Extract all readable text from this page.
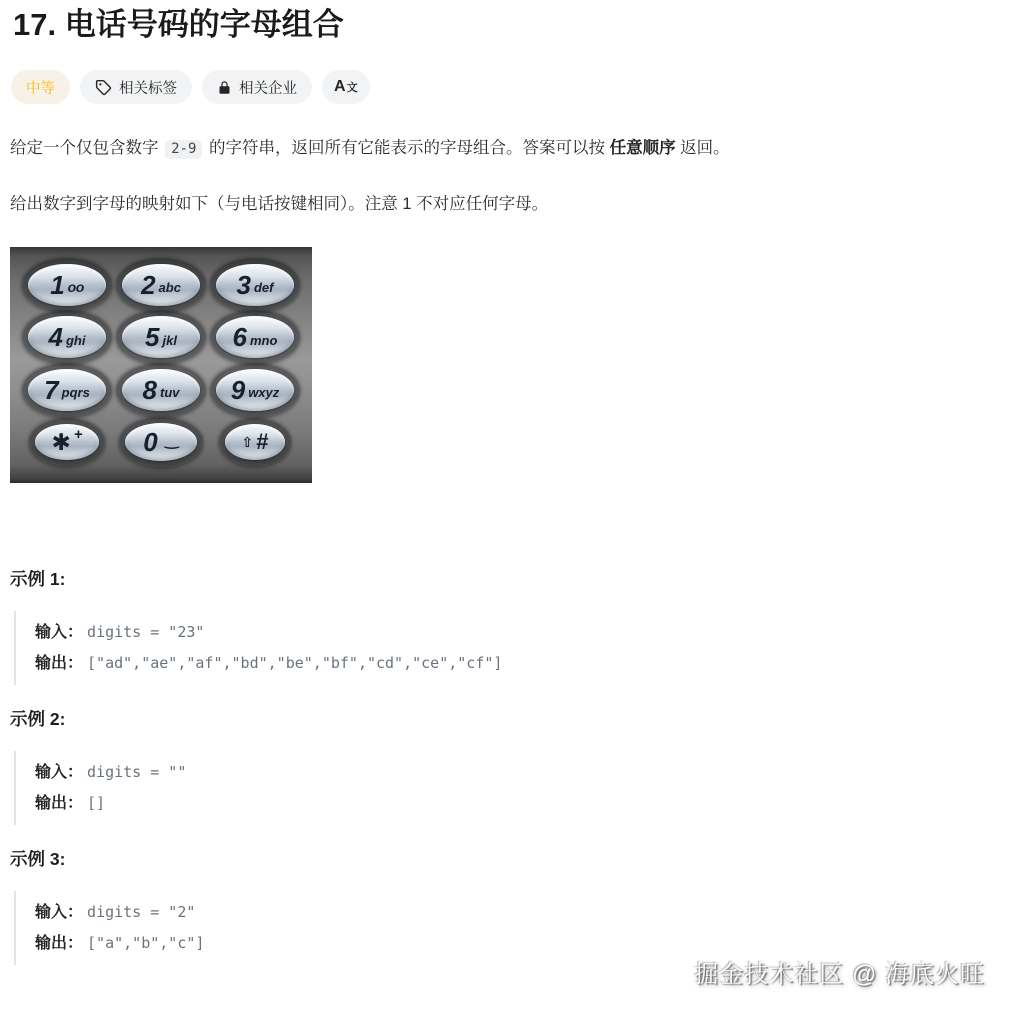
17. 电话号码的字母组合
中等	相关标签	相关企业 A 文

给定一个仅包含数字 2-9 的字符串，返回所有它能表示的字母组合。答案可以按 任意顺序 返回。

给出数字到字母的映射如下（与电话按键相同）。注意 1 不对应任何字母。

1 oo 2 abc 3 def
4 ghi 5 jkl 6 mno
7 pqrs 8 tuv 9 wxyz
✱ + 0 ‿	⇧ #
示例 1:
输入： digits = "23"
输出： ["ad","ae","af","bd","be","bf","cd","ce","cf"]
示例 2:
输入： digits = ""
输出： []
示例 3:
输入： digits = "2"
输出： ["a","b","c"]
掘金技术社区 @ 海底火旺
